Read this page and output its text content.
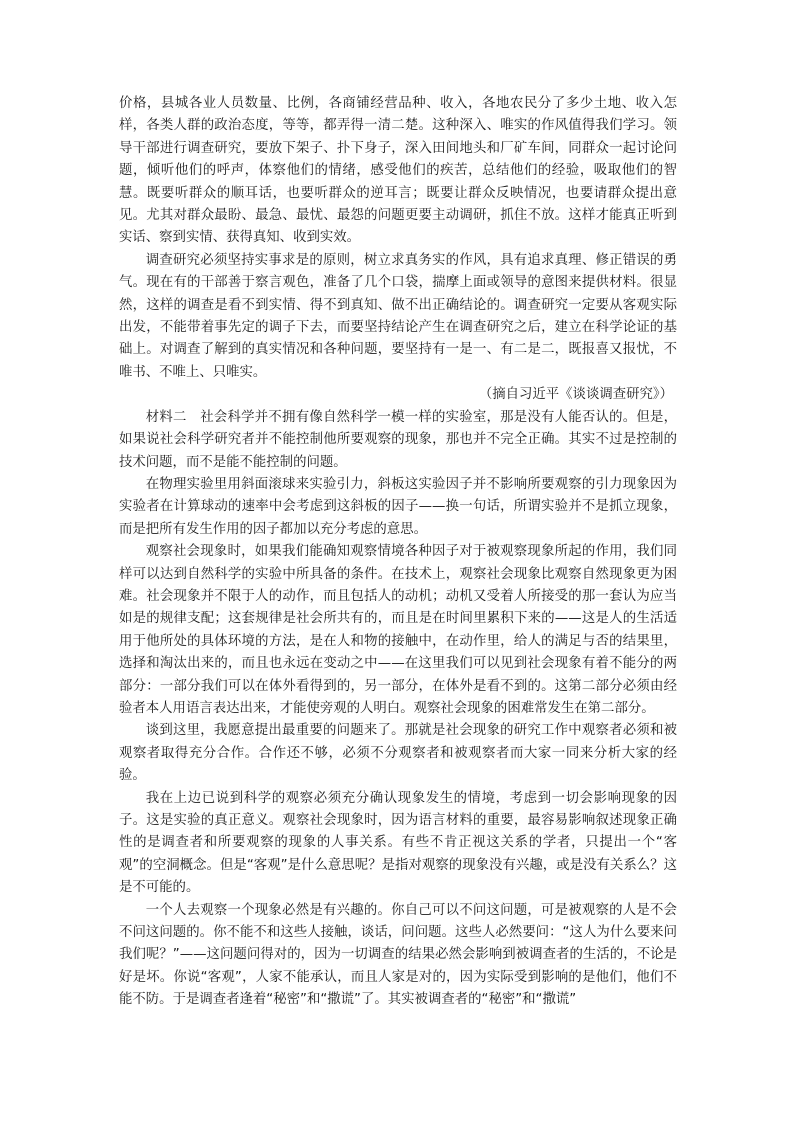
价格，县城各业人员数量、比例，各商铺经营品种、收入，各地农民分了多少土地、收入怎样，各类人群的政治态度，等等，都弄得一清二楚。这种深入、唯实的作风值得我们学习。领导干部进行调查研究，要放下架子、扑下身子，深入田间地头和厂矿车间，同群众一起讨论问题，倾听他们的呼声，体察他们的情绪，感受他们的疾苦，总结他们的经验，吸取他们的智慧。既要听群众的顺耳话，也要听群众的逆耳言；既要让群众反映情况，也要请群众提出意见。尤其对群众最盼、最急、最忧、最怨的问题更要主动调研，抓住不放。这样才能真正听到实话、察到实情、获得真知、收到实效。

调查研究必须坚持实事求是的原则，树立求真务实的作风，具有追求真理、修正错误的勇气。现在有的干部善于察言观色，准备了几个口袋，揣摩上面或领导的意图来提供材料。很显然，这样的调查是看不到实情、得不到真知、做不出正确结论的。调查研究一定要从客观实际出发，不能带着事先定的调子下去，而要坚持结论产生在调查研究之后，建立在科学论证的基础上。对调查了解到的真实情况和各种问题，要坚持有一是一、有二是二，既报喜又报忧，不唯书、不唯上、只唯实。

（摘自习近平《谈谈调查研究》）

材料二　社会科学并不拥有像自然科学一模一样的实验室，那是没有人能否认的。但是，如果说社会科学研究者并不能控制他所要观察的现象，那也并不完全正确。其实不过是控制的技术问题，而不是能不能控制的问题。

在物理实验里用斜面滚球来实验引力，斜板这实验因子并不影响所要观察的引力现象因为实验者在计算球动的速率中会考虑到这斜板的因子——换一句话，所谓实验并不是抓立现象，而是把所有发生作用的因子都加以充分考虑的意思。

观察社会现象时，如果我们能确知观察情境各种因子对于被观察现象所起的作用，我们同样可以达到自然科学的实验中所具备的条件。在技术上，观察社会现象比观察自然现象更为困难。社会现象并不限于人的动作，而且包括人的动机；动机又受着人所接受的那一套认为应当如是的规律支配；这套规律是社会所共有的，而且是在时间里累积下来的——这是人的生活适用于他所处的具体环境的方法，是在人和物的接触中，在动作里，给人的满足与否的结果里，选择和淘汰出来的，而且也永远在变动之中——在这里我们可以见到社会现象有着不能分的两部分：一部分我们可以在体外看得到的，另一部分，在体外是看不到的。这第二部分必须由经验者本人用语言表达出来，才能使旁观的人明白。观察社会现象的困难常发生在第二部分。

谈到这里，我愿意提出最重要的问题来了。那就是社会现象的研究工作中观察者必须和被观察者取得充分合作。合作还不够，必须不分观察者和被观察者而大家一同来分析大家的经验。

我在上边已说到科学的观察必须充分确认现象发生的情境，考虑到一切会影响现象的因子。这是实验的真正意义。观察社会现象时，因为语言材料的重要，最容易影响叙述现象正确性的是调查者和所要观察的现象的人事关系。有些不肯正视这关系的学者，只提出一个“客观”的空洞概念。但是“客观”是什么意思呢？是指对观察的现象没有兴趣，或是没有关系么？这是不可能的。

一个人去观察一个现象必然是有兴趣的。你自己可以不问这问题，可是被观察的人是不会不问这问题的。你不能不和这些人接触，谈话，问问题。这些人必然要问：“这人为什么要来问我们呢？”——这问题问得对的，因为一切调查的结果必然会影响到被调查者的生活的，不论是好是坏。你说“客观”，人家不能承认，而且人家是对的，因为实际受到影响的是他们，他们不能不防。于是调查者逢着“秘密”和“撒谎”了。其实被调查者的“秘密”和“撒谎”
